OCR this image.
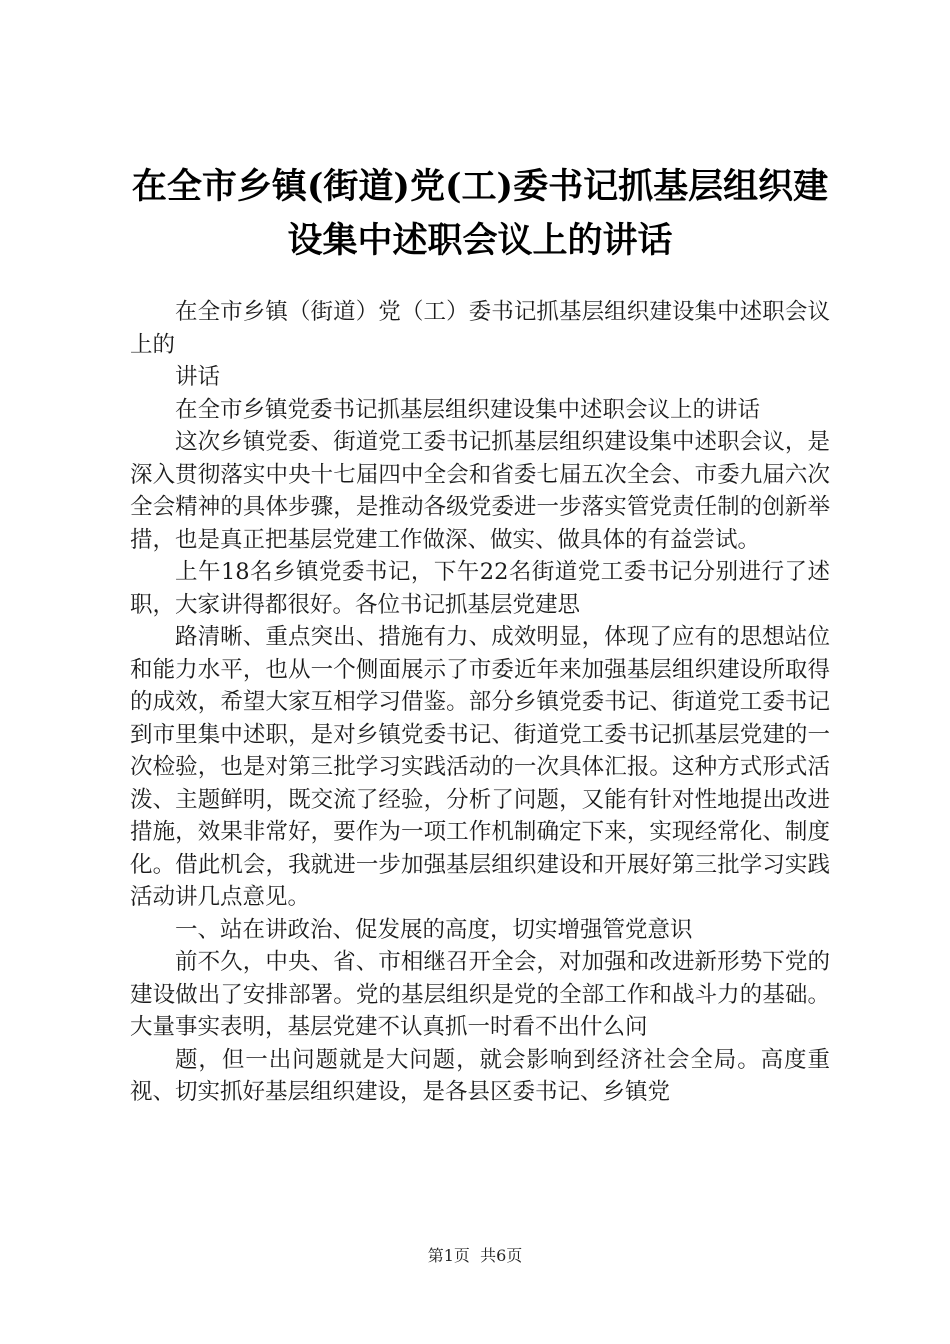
在全市乡镇(街道)党(工)委书记抓基层组织建
设集中述职会议上的讲话

在全市乡镇（街道）党（工）委书记抓基层组织建设集中述职会议上的

讲话

在全市乡镇党委书记抓基层组织建设集中述职会议上的讲话

这次乡镇党委、街道党工委书记抓基层组织建设集中述职会议，是深入贯彻落实中央十七届四中全会和省委七届五次全会、市委九届六次全会精神的具体步骤，是推动各级党委进一步落实管党责任制的创新举措，也是真正把基层党建工作做深、做实、做具体的有益尝试。

上午18名乡镇党委书记，下午22名街道党工委书记分别进行了述职，大家讲得都很好。各位书记抓基层党建思

路清晰、重点突出、措施有力、成效明显，体现了应有的思想站位和能力水平，也从一个侧面展示了市委近年来加强基层组织建设所取得的成效，希望大家互相学习借鉴。部分乡镇党委书记、街道党工委书记到市里集中述职，是对乡镇党委书记、街道党工委书记抓基层党建的一次检验，也是对第三批学习实践活动的一次具体汇报。这种方式形式活泼、主题鲜明，既交流了经验，分析了问题，又能有针对性地提出改进措施，效果非常好，要作为一项工作机制确定下来，实现经常化、制度化。借此机会，我就进一步加强基层组织建设和开展好第三批学习实践活动讲几点意见。

一、站在讲政治、促发展的高度，切实增强管党意识

前不久，中央、省、市相继召开全会，对加强和改进新形势下党的建设做出了安排部署。党的基层组织是党的全部工作和战斗力的基础。大量事实表明，基层党建不认真抓一时看不出什么问

题，但一出问题就是大问题，就会影响到经济社会全局。高度重视、切实抓好基层组织建设，是各县区委书记、乡镇党

第1页  共6页
